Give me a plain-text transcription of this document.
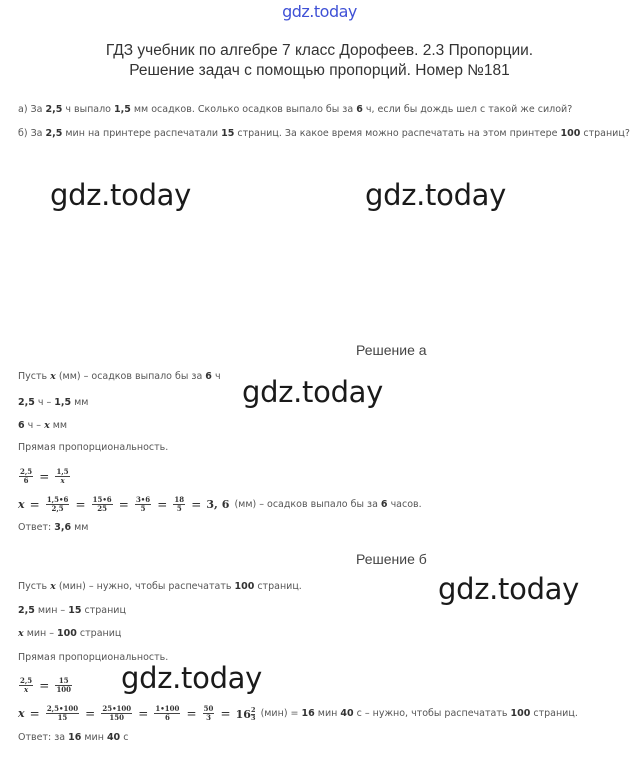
gdz.today
ГДЗ учебник по алгебре 7 класс Дорофеев. 2.3 Пропорции.
Решение задач с помощью пропорций. Номер №181
а) За 2,5 ч выпало 1,5 мм осадков. Сколько осадков выпало бы за 6 ч, если бы дождь шел с такой же силой?
б) За 2,5 мин на принтере распечатали 15 страниц. За какое время можно распечатать на этом принтере 100 страниц?
gdz.today	gdz.today
gdz.today
gdz.today
gdz.today
Решение а
Пусть x (мм) – осадков выпало бы за 6 ч
2,5 ч – 1,5 мм
6 ч – x мм
Прямая пропорциональность.
$\frac{2,5}{6} = \frac{1,5}{x}$
$x = \frac{1,5•6}{2,5} = \frac{15•6}{25} = \frac{3•6}{5} = \frac{18}{5} = 3$, 6 (мм) – осадков выпало бы за 6 часов.
Ответ: 3,6 мм
Решение б
Пусть x (мин) – нужно, чтобы распечатать 100 страниц.
2,5 мин – 15 страниц
x мин – 100 страниц
Прямая пропорциональность.
$\frac{2,5}{x} = \frac{15}{100}$
$x = \frac{2,5•100}{15} = \frac{25•100}{150} = \frac{1•100}{6} = \frac{50}{3} = 16 \frac{2}{3} (мин) = 16$ мин 40 с – нужно, чтобы распечатать 100 страниц.
Ответ: за 16 мин 40 с
